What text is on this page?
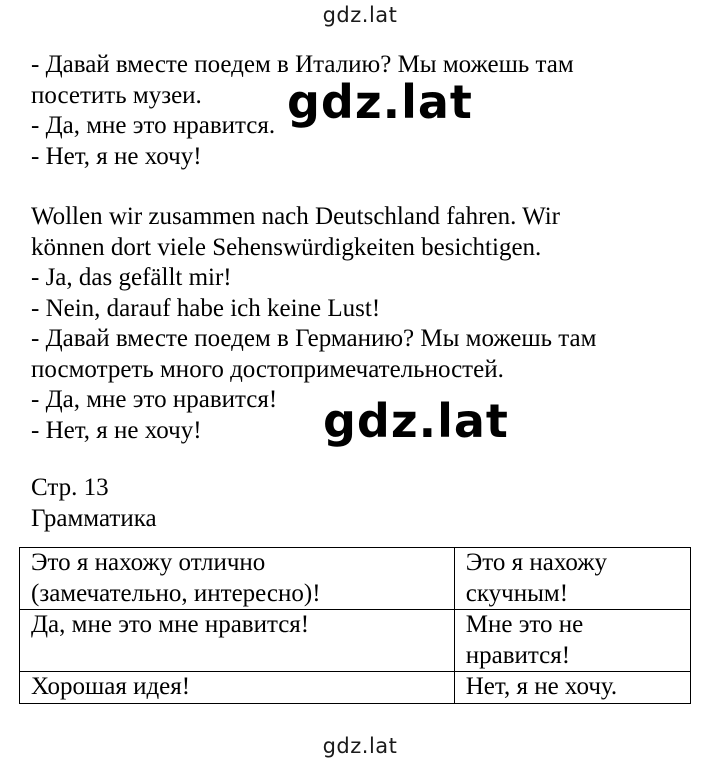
gdz.lat
- Давай вместе поедем в Италию? Мы можешь там
посетить музеи.
- Да, мне это нравится.
- Нет, я не хочу!
Wollen wir zusammen nach Deutschland fahren. Wir
können dort viele Sehenswürdigkeiten besichtigen.
- Ja, das gefällt mir!
- Nein, darauf habe ich keine Lust!
- Давай вместе поедем в Германию? Мы можешь там
посмотреть много достопримечательностей.
- Да, мне это нравится!
- Нет, я не хочу!
Стр. 13
Грамматика
Это я нахожу отлично
(замечательно, интересно)!	Это я нахожу
скучным!

Да, мне это мне нравится!	Мне это не
нравится!

Хорошая идея!	Нет, я не хочу.
gdz.lat
gdz.lat
gdz.lat
